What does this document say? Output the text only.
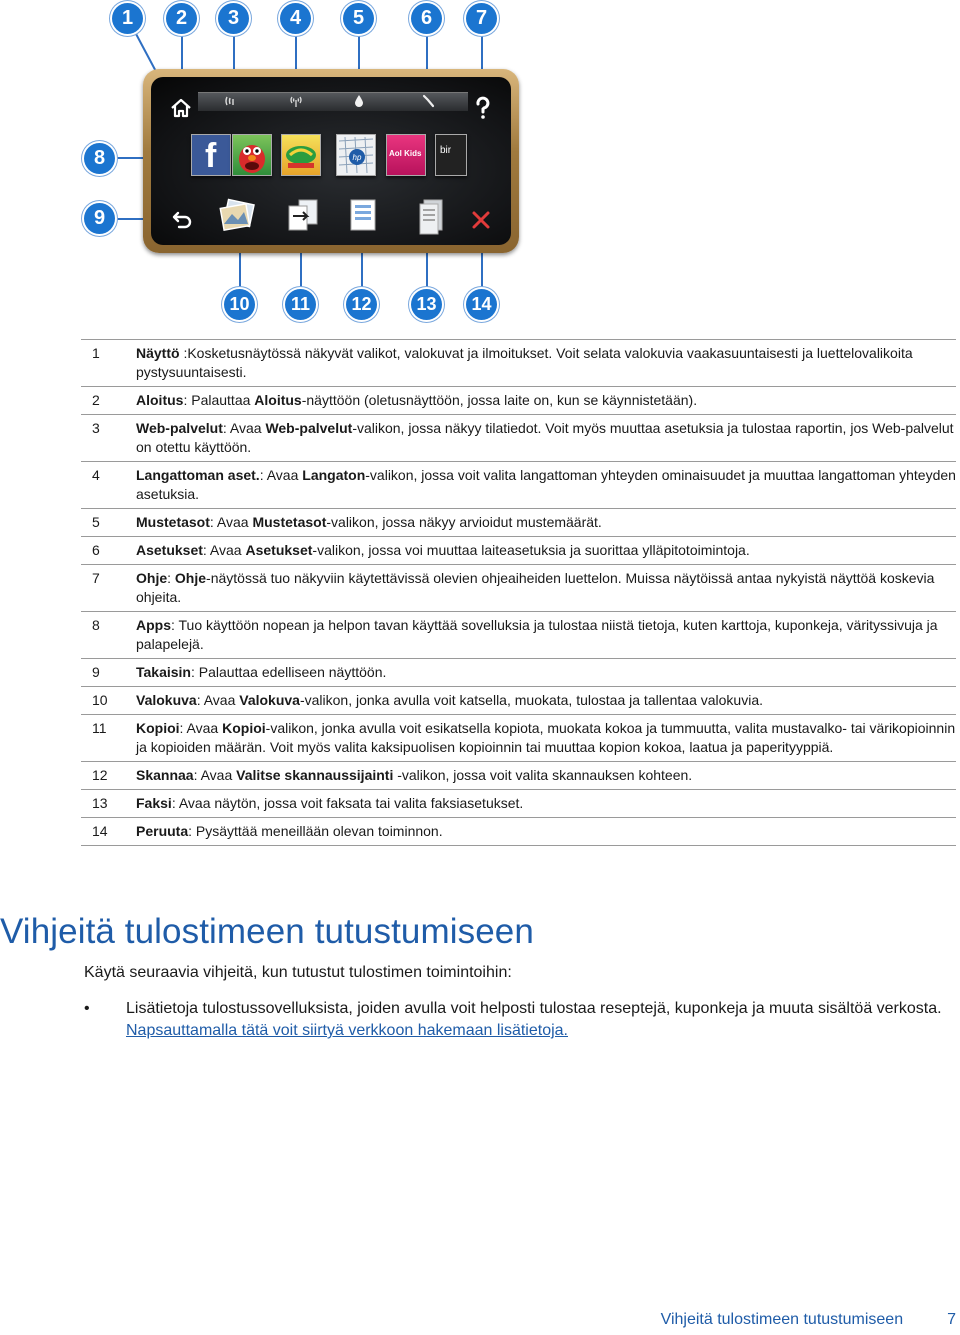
f	hp	Aol Kids bir
1	2	3	4	5	6	7
8
9
10	11	12	13	14
1	Näyttö :Kosketusnäytössä näkyvät valikot, valokuvat ja ilmoitukset. Voit selata valokuvia vaakasuuntaisesti ja luettelovalikoita pystysuuntaisesti.
2	Aloitus: Palauttaa Aloitus-näyttöön (oletusnäyttöön, jossa laite on, kun se käynnistetään).
3	Web-palvelut: Avaa Web-palvelut-valikon, jossa näkyy tilatiedot. Voit myös muuttaa asetuksia ja tulostaa raportin, jos Web-palvelut on otettu käyttöön.
4	Langattoman aset.: Avaa Langaton-valikon, jossa voit valita langattoman yhteyden ominaisuudet ja muuttaa langattoman yhteyden asetuksia.
5	Mustetasot: Avaa Mustetasot-valikon, jossa näkyy arvioidut mustemäärät.
6	Asetukset: Avaa Asetukset-valikon, jossa voi muuttaa laiteasetuksia ja suorittaa ylläpitotoimintoja.
7	Ohje: Ohje-näytössä tuo näkyviin käytettävissä olevien ohjeaiheiden luettelon. Muissa näytöissä antaa nykyistä näyttöä koskevia ohjeita.
8	Apps: Tuo käyttöön nopean ja helpon tavan käyttää sovelluksia ja tulostaa niistä tietoja, kuten karttoja, kuponkeja, värityssivuja ja palapelejä.
9	Takaisin: Palauttaa edelliseen näyttöön.
10	Valokuva: Avaa Valokuva-valikon, jonka avulla voit katsella, muokata, tulostaa ja tallentaa valokuvia.
11	Kopioi: Avaa Kopioi-valikon, jonka avulla voit esikatsella kopiota, muokata kokoa ja tummuutta, valita mustavalko- tai värikopioinnin ja kopioiden määrän. Voit myös valita kaksipuolisen kopioinnin tai muuttaa kopion kokoa, laatua ja paperityyppiä.
12	Skannaa: Avaa Valitse skannaussijainti -valikon, jossa voit valita skannauksen kohteen.
13	Faksi: Avaa näytön, jossa voit faksata tai valita faksiasetukset.
14	Peruuta: Pysäyttää meneillään olevan toiminnon.
Vihjeitä tulostimeen tutustumiseen

Käytä seuraavia vihjeitä, kun tutustut tulostimen toimintoihin:

• Lisätietoja tulostussovelluksista, joiden avulla voit helposti tulostaa reseptejä, kuponkeja ja muuta sisältöä verkosta. Napsauttamalla tätä voit siirtyä verkkoon hakemaan lisätietoja.
Vihjeitä tulostimeen tutustumiseen	7
